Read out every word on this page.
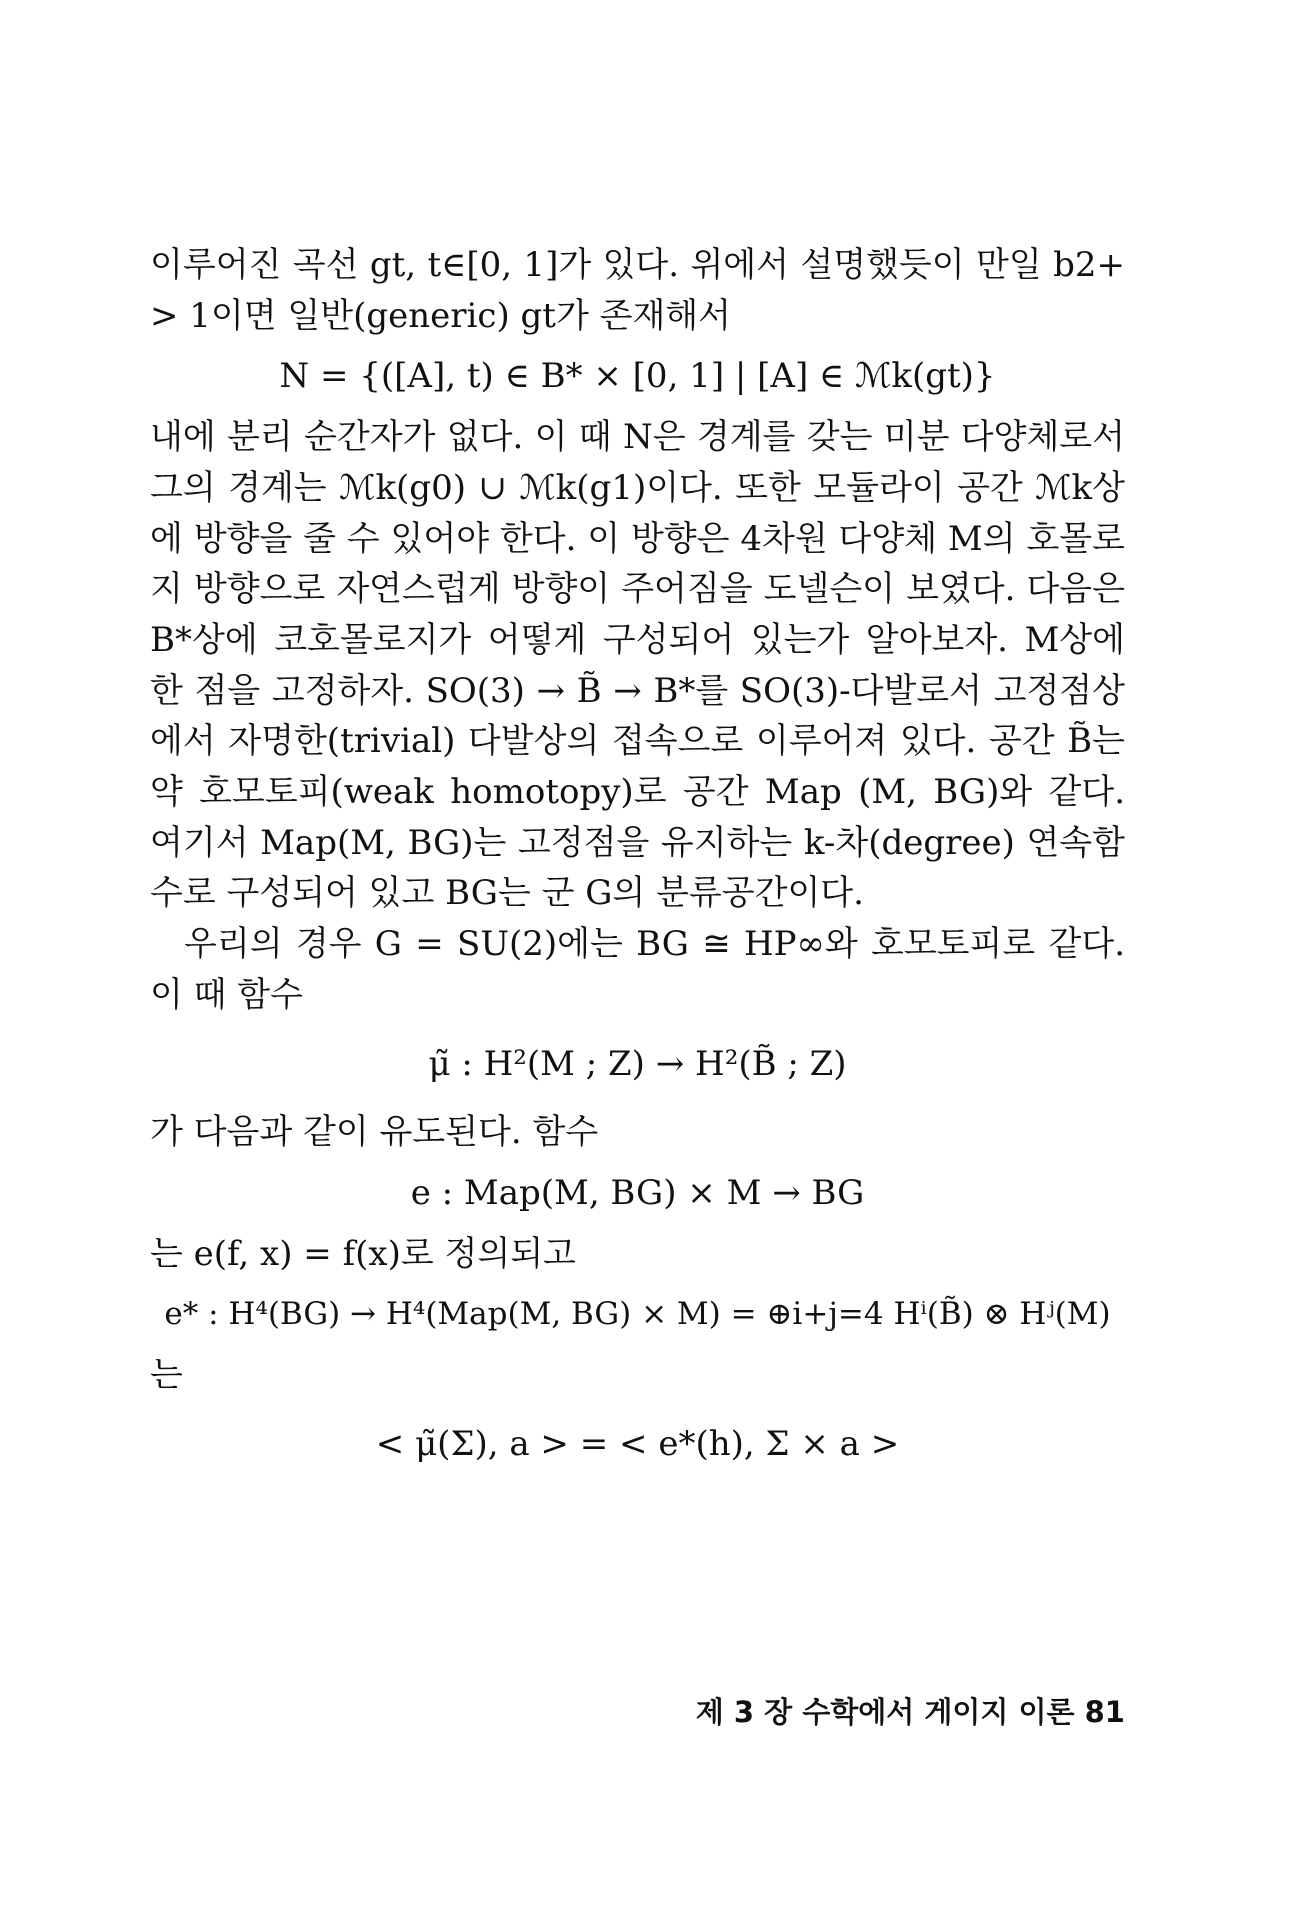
이루어진 곡선 gt, t∈[0, 1]가 있다. 위에서 설명했듯이 만일 b2+ > 1이면 일반(generic) gt가 존재해서

N = {([A], t) ∈ B* × [0, 1] | [A] ∈ ℳk(gt)}

내에 분리 순간자가 없다. 이 때 N은 경계를 갖는 미분 다양체로서 그의 경계는 ℳk(g0) ∪ ℳk(g1)이다. 또한 모듈라이 공간 ℳk상에 방향을 줄 수 있어야 한다. 이 방향은 4차원 다양체 M의 호몰로지 방향으로 자연스럽게 방향이 주어짐을 도넬슨이 보였다. 다음은 B*상에 코호몰로지가 어떻게 구성되어 있는가 알아보자. M상에 한 점을 고정하자. SO(3) → B̃ → B*를 SO(3)-다발로서 고정점상에서 자명한(trivial) 다발상의 접속으로 이루어져 있다. 공간 B̃는 약 호모토피(weak homotopy)로 공간 Map (M, BG)와 같다. 여기서 Map(M, BG)는 고정점을 유지하는 k-차(degree) 연속함수로 구성되어 있고 BG는 군 G의 분류공간이다.

우리의 경우 G = SU(2)에는 BG ≅ HP∞와 호모토피로 같다. 이 때 함수

μ̃ : H²(M ; Z) → H²(B̃ ; Z)

가 다음과 같이 유도된다. 함수

e : Map(M, BG) × M → BG

는 e(f, x) = f(x)로 정의되고

e* : H⁴(BG) → H⁴(Map(M, BG) × M) = ⊕i+j=4 Hⁱ(B̃) ⊗ Hʲ(M)

는

< μ̃(Σ), a > = < e*(h), Σ × a >

제 3 장 수학에서 게이지 이론 81
